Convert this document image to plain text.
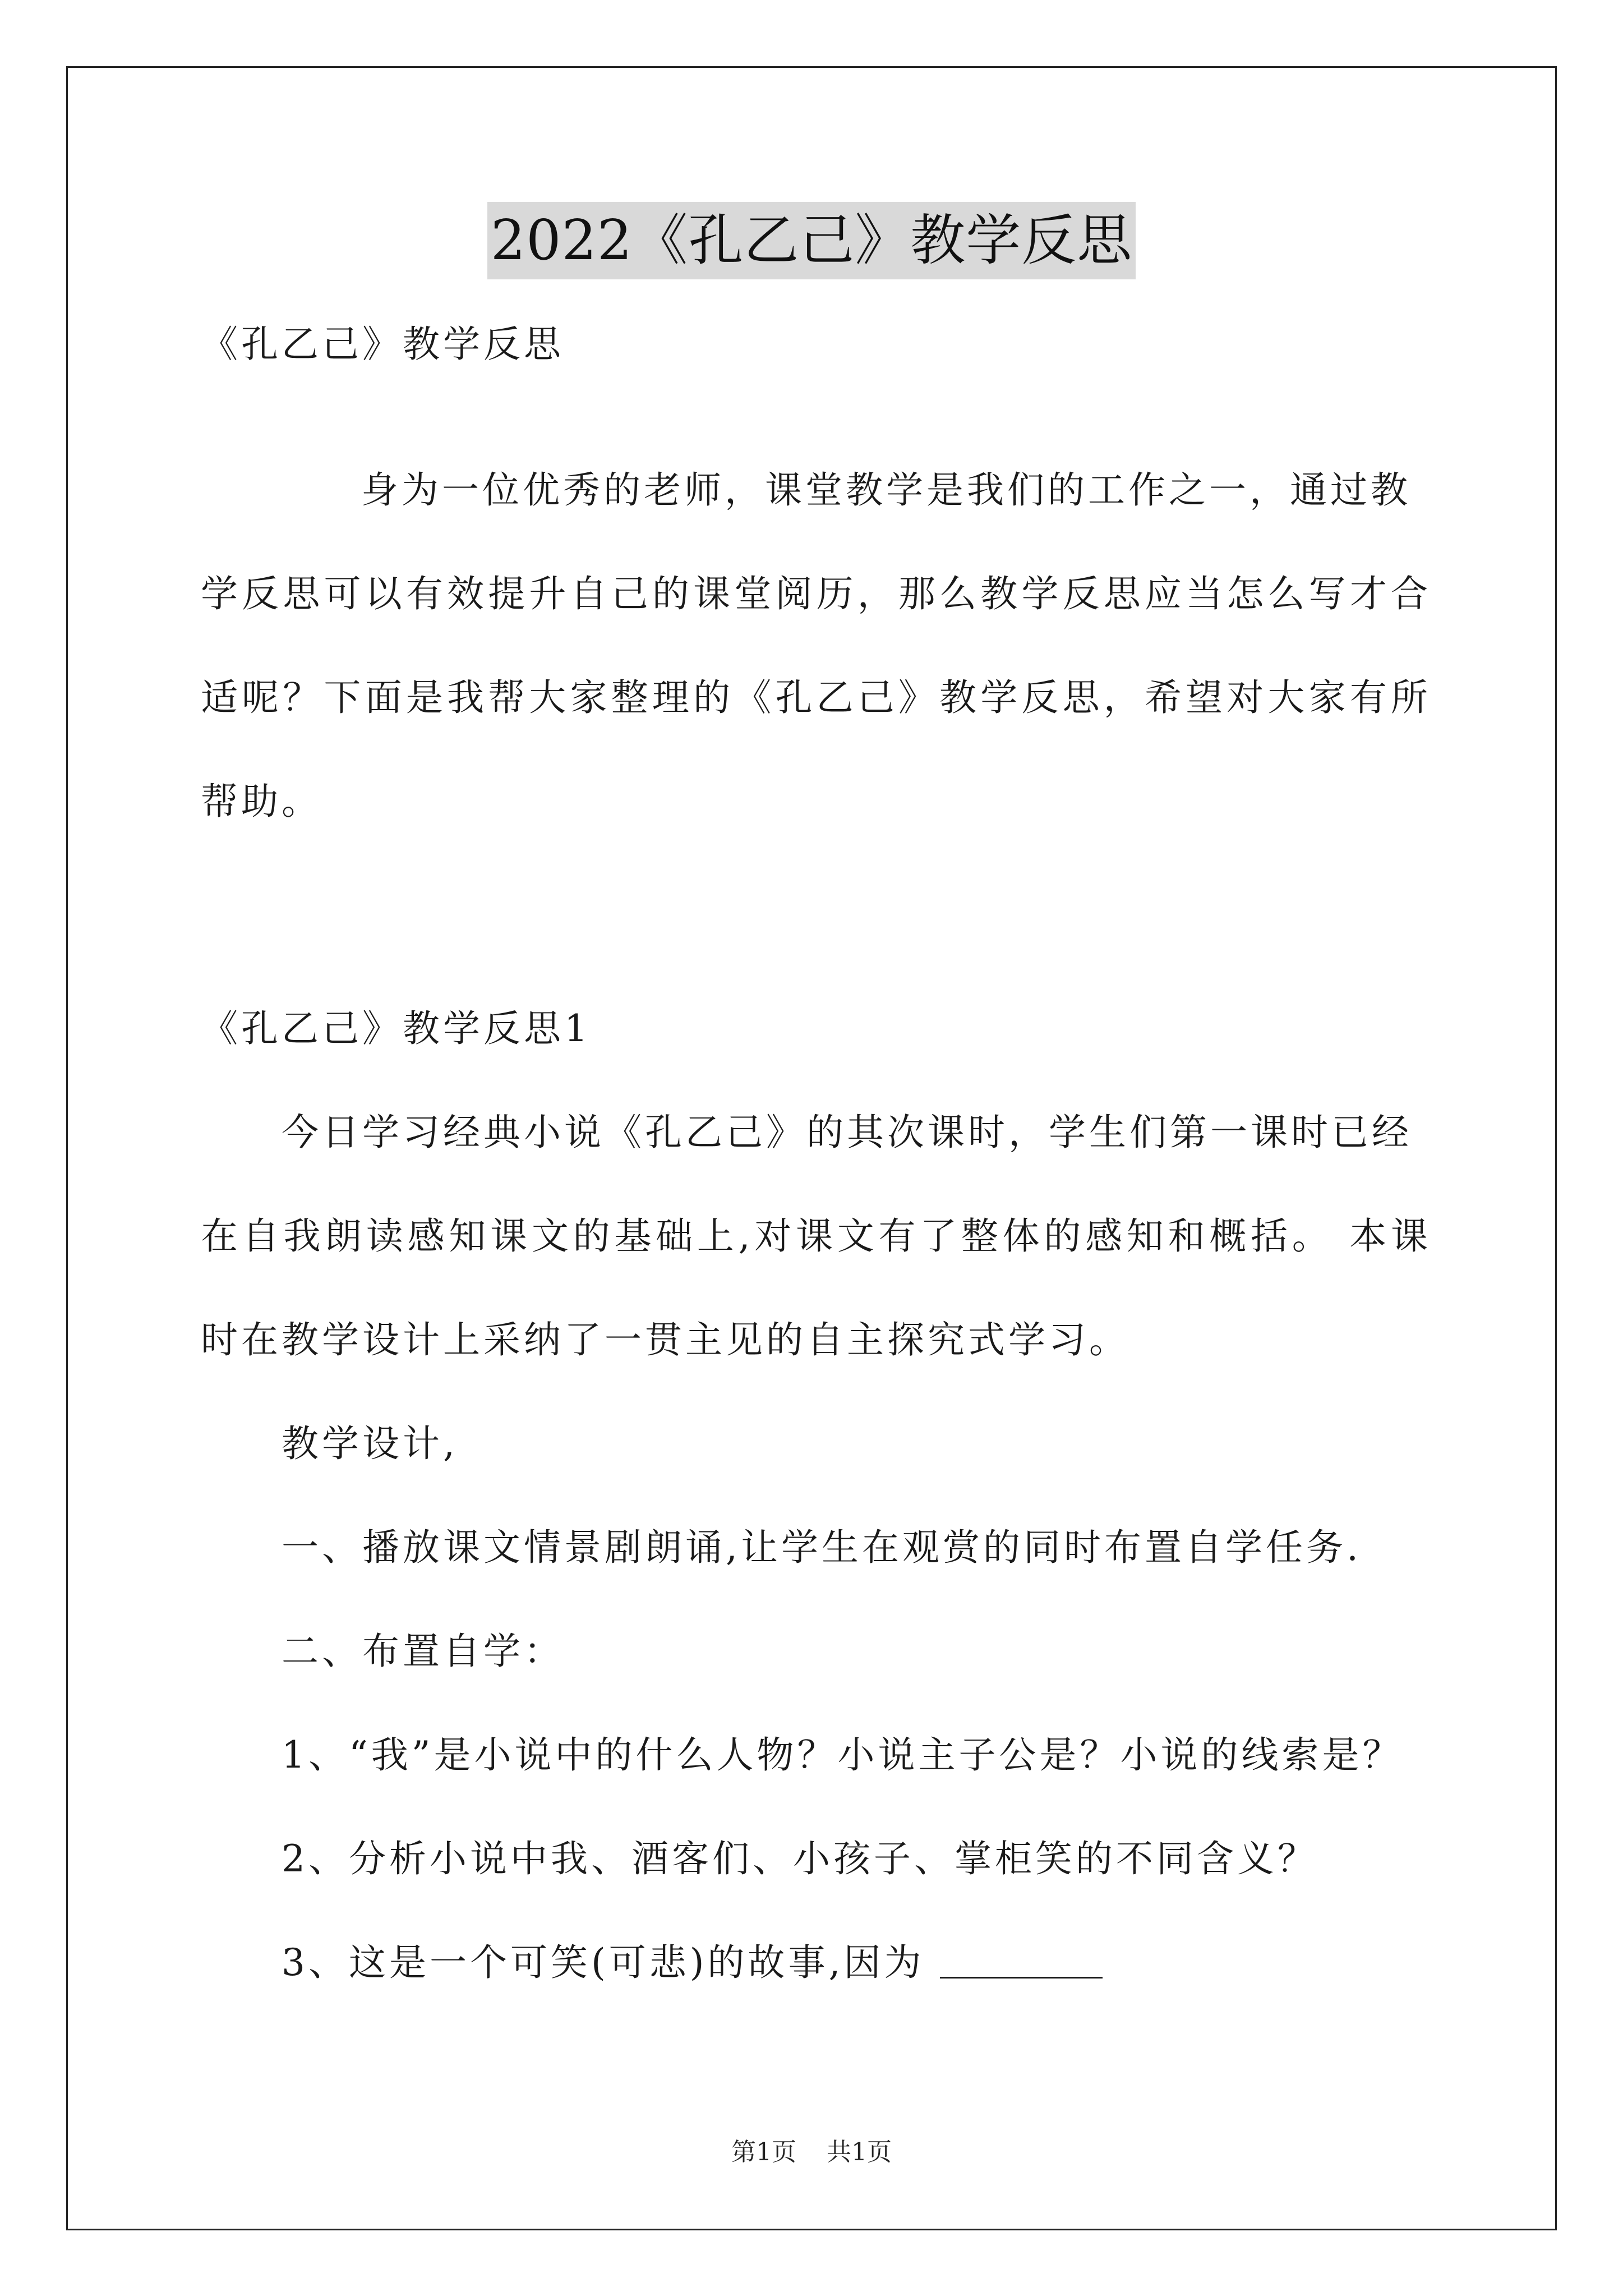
2022《孔乙己》教学反思
《孔乙己》教学反思
身为一位优秀的老师，课堂教学是我们的工作之一，通过教
学反思可以有效提升自己的课堂阅历，那么教学反思应当怎么写才合
适呢？下面是我帮大家整理的《孔乙己》教学反思，希望对大家有所
帮助。
《孔乙己》教学反思1
今日学习经典小说《孔乙己》的其次课时，学生们第一课时已经
在自我朗读感知课文的基础上,对课文有了整体的感知和概括。 本课
时在教学设计上采纳了一贯主见的自主探究式学习。
教学设计,
一、播放课文情景剧朗诵,让学生在观赏的同时布置自学任务.
二、布置自学：
1、“我”是小说中的什么人物？小说主子公是？小说的线索是？
2、分析小说中我、酒客们、小孩子、掌柜笑的不同含义？
3、这是一个可笑(可悲)的故事,因为
第1页 共1页
